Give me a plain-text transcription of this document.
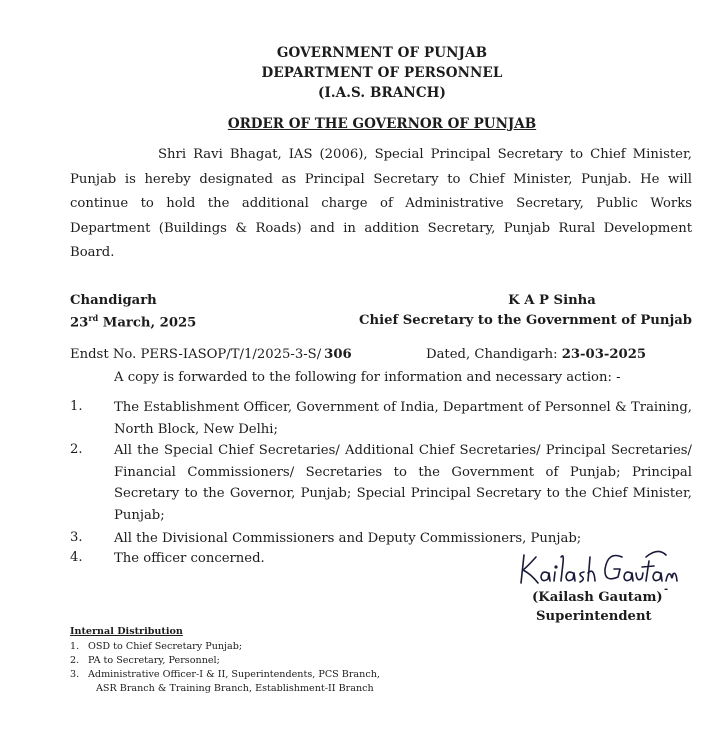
GOVERNMENT OF PUNJAB
DEPARTMENT OF PERSONNEL
(I.A.S. BRANCH)
ORDER OF THE GOVERNOR OF PUNJAB
Shri Ravi Bhagat, IAS (2006), Special Principal Secretary to Chief Minister, Punjab is hereby designated as Principal Secretary to Chief Minister, Punjab. He will continue to hold the additional charge of Administrative Secretary, Public Works Department (Buildings & Roads) and in addition Secretary, Punjab Rural Development Board.
Chandigarh
23rd March, 2025
K A P Sinha
Chief Secretary to the Government of Punjab
Endst No. PERS-IASOP/T/1/2025-3-S/ 306	Dated, Chandigarh: 23-03-2025
A copy is forwarded to the following for information and necessary action: -
1. The Establishment Officer, Government of India, Department of Personnel & Training, North Block, New Delhi;
2. All the Special Chief Secretaries/ Additional Chief Secretaries/ Principal Secretaries/ Financial Commissioners/ Secretaries to the Government of Punjab; Principal Secretary to the Governor, Punjab; Special Principal Secretary to the Chief Minister, Punjab;
3. All the Divisional Commissioners and Deputy Commissioners, Punjab;
4. The officer concerned.
(Kailash Gautam)
Superintendent
-
Internal Distribution
1. OSD to Chief Secretary Punjab;
2. PA to Secretary, Personnel;
3. Administrative Officer-I & II, Superintendents, PCS Branch,
ASR Branch & Training Branch, Establishment-II Branch
